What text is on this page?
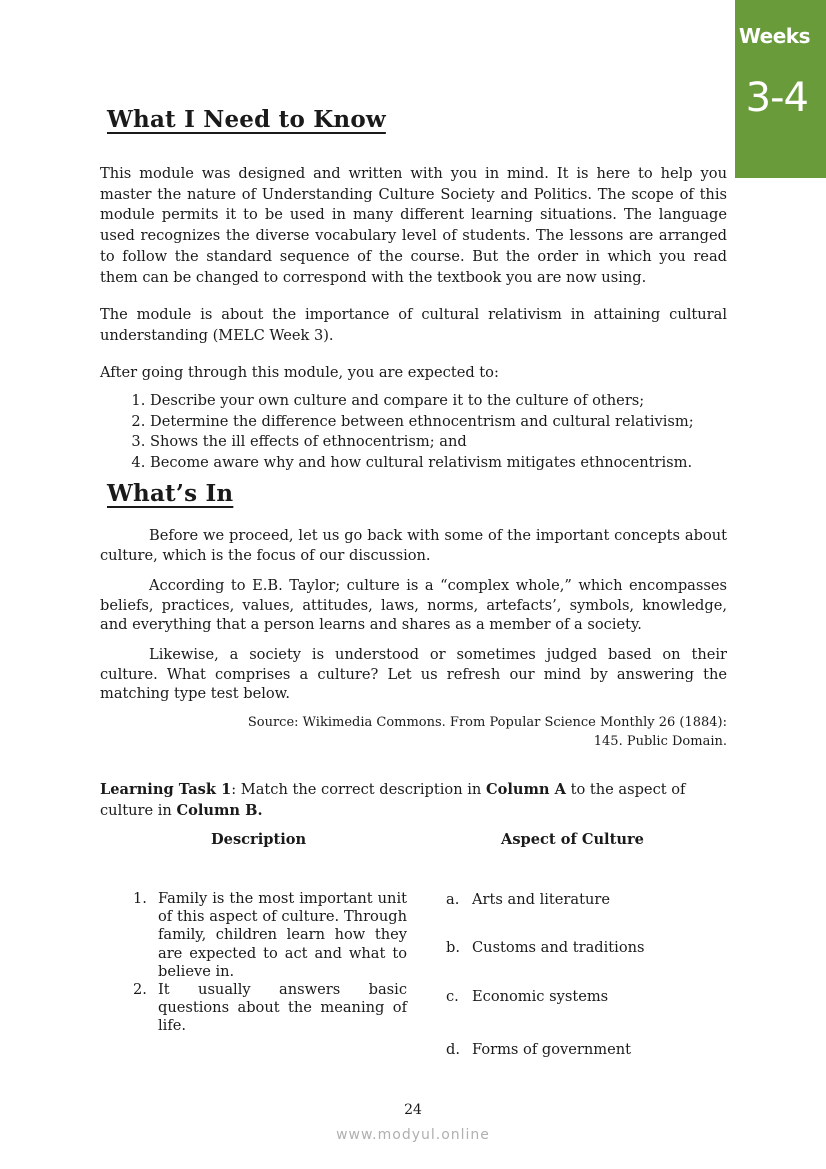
Weeks
3-4
What I Need to Know

This module was designed and written with you in mind. It is here to help you master the nature of Understanding Culture Society and Politics. The scope of this module permits it to be used in many different learning situations. The language used recognizes the diverse vocabulary level of students. The lessons are arranged to follow the standard sequence of the course. But the order in which you read them can be changed to correspond with the textbook you are now using.

The module is about the importance of cultural relativism in attaining cultural understanding (MELC Week 3).

After going through this module, you are expected to:

1. Describe your own culture and compare it to the culture of others;
2. Determine the difference between ethnocentrism and cultural relativism;
3. Shows the ill effects of ethnocentrism; and
4. Become aware why and how cultural relativism mitigates ethnocentrism.
What’s In

Before we proceed, let us go back with some of the important concepts about culture, which is the focus of our discussion.

According to E.B. Taylor; culture is a “complex whole,” which encompasses beliefs, practices, values, attitudes, laws, norms, artefacts’, symbols, knowledge, and everything that a person learns and shares as a member of a society.

Likewise, a society is understood or sometimes judged based on their culture. What comprises a culture? Let us refresh our mind by answering the matching type test below.

Source: Wikimedia Commons. From Popular Science Monthly 26 (1884):
145. Public Domain.

Learning Task 1: Match the correct description in Column A to the aspect of culture in Column B.

Description	Aspect of Culture

1. Family is the most important unit of this aspect of culture. Through family, children learn how they are expected to act and what to believe in.
2. It usually answers basic questions about the meaning of life.

a. Arts and literature

b. Customs and traditions

c. Economic systems

d. Forms of government

24

www.modyul.online
